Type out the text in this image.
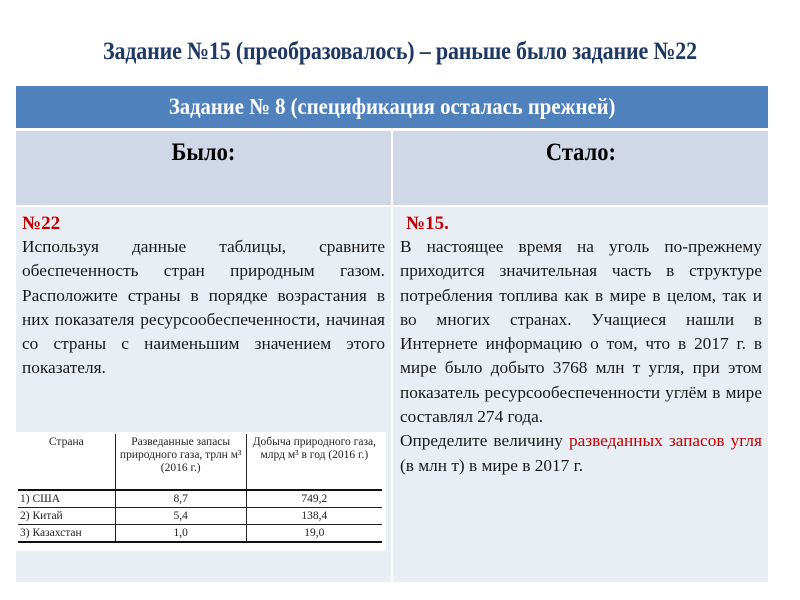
Задание №15 (преобразовалось) – раньше было задание №22
Задание № 8 (спецификация осталась прежней)
Было:	Стало:
№22
Используя данные таблицы, сравните обеспеченность стран природным газом. Расположите страны в порядке возрастания в них показателя ресурсообеспеченности, начиная со страны с наименьшим значением этого показателя.
Страна	Разведанные запасы природного газа, трлн м³ (2016 г.)	Добыча природного газа, млрд м³ в год (2016 г.)
1) США	8,7	749,2
2) Китай	5,4	138,4
3) Казахстан	1,0	19,0
№15.
В настоящее время на уголь по-прежнему приходится значительная часть в структуре потребления топлива как в мире в целом, так и во многих странах. Учащиеся нашли в Интернете информацию о том, что в 2017 г. в мире было добыто 3768 млн т угля, при этом показатель ресурсообеспеченности углём в мире составлял 274 года.
Определите величину разведанных запасов угля (в млн т) в мире в 2017 г.
